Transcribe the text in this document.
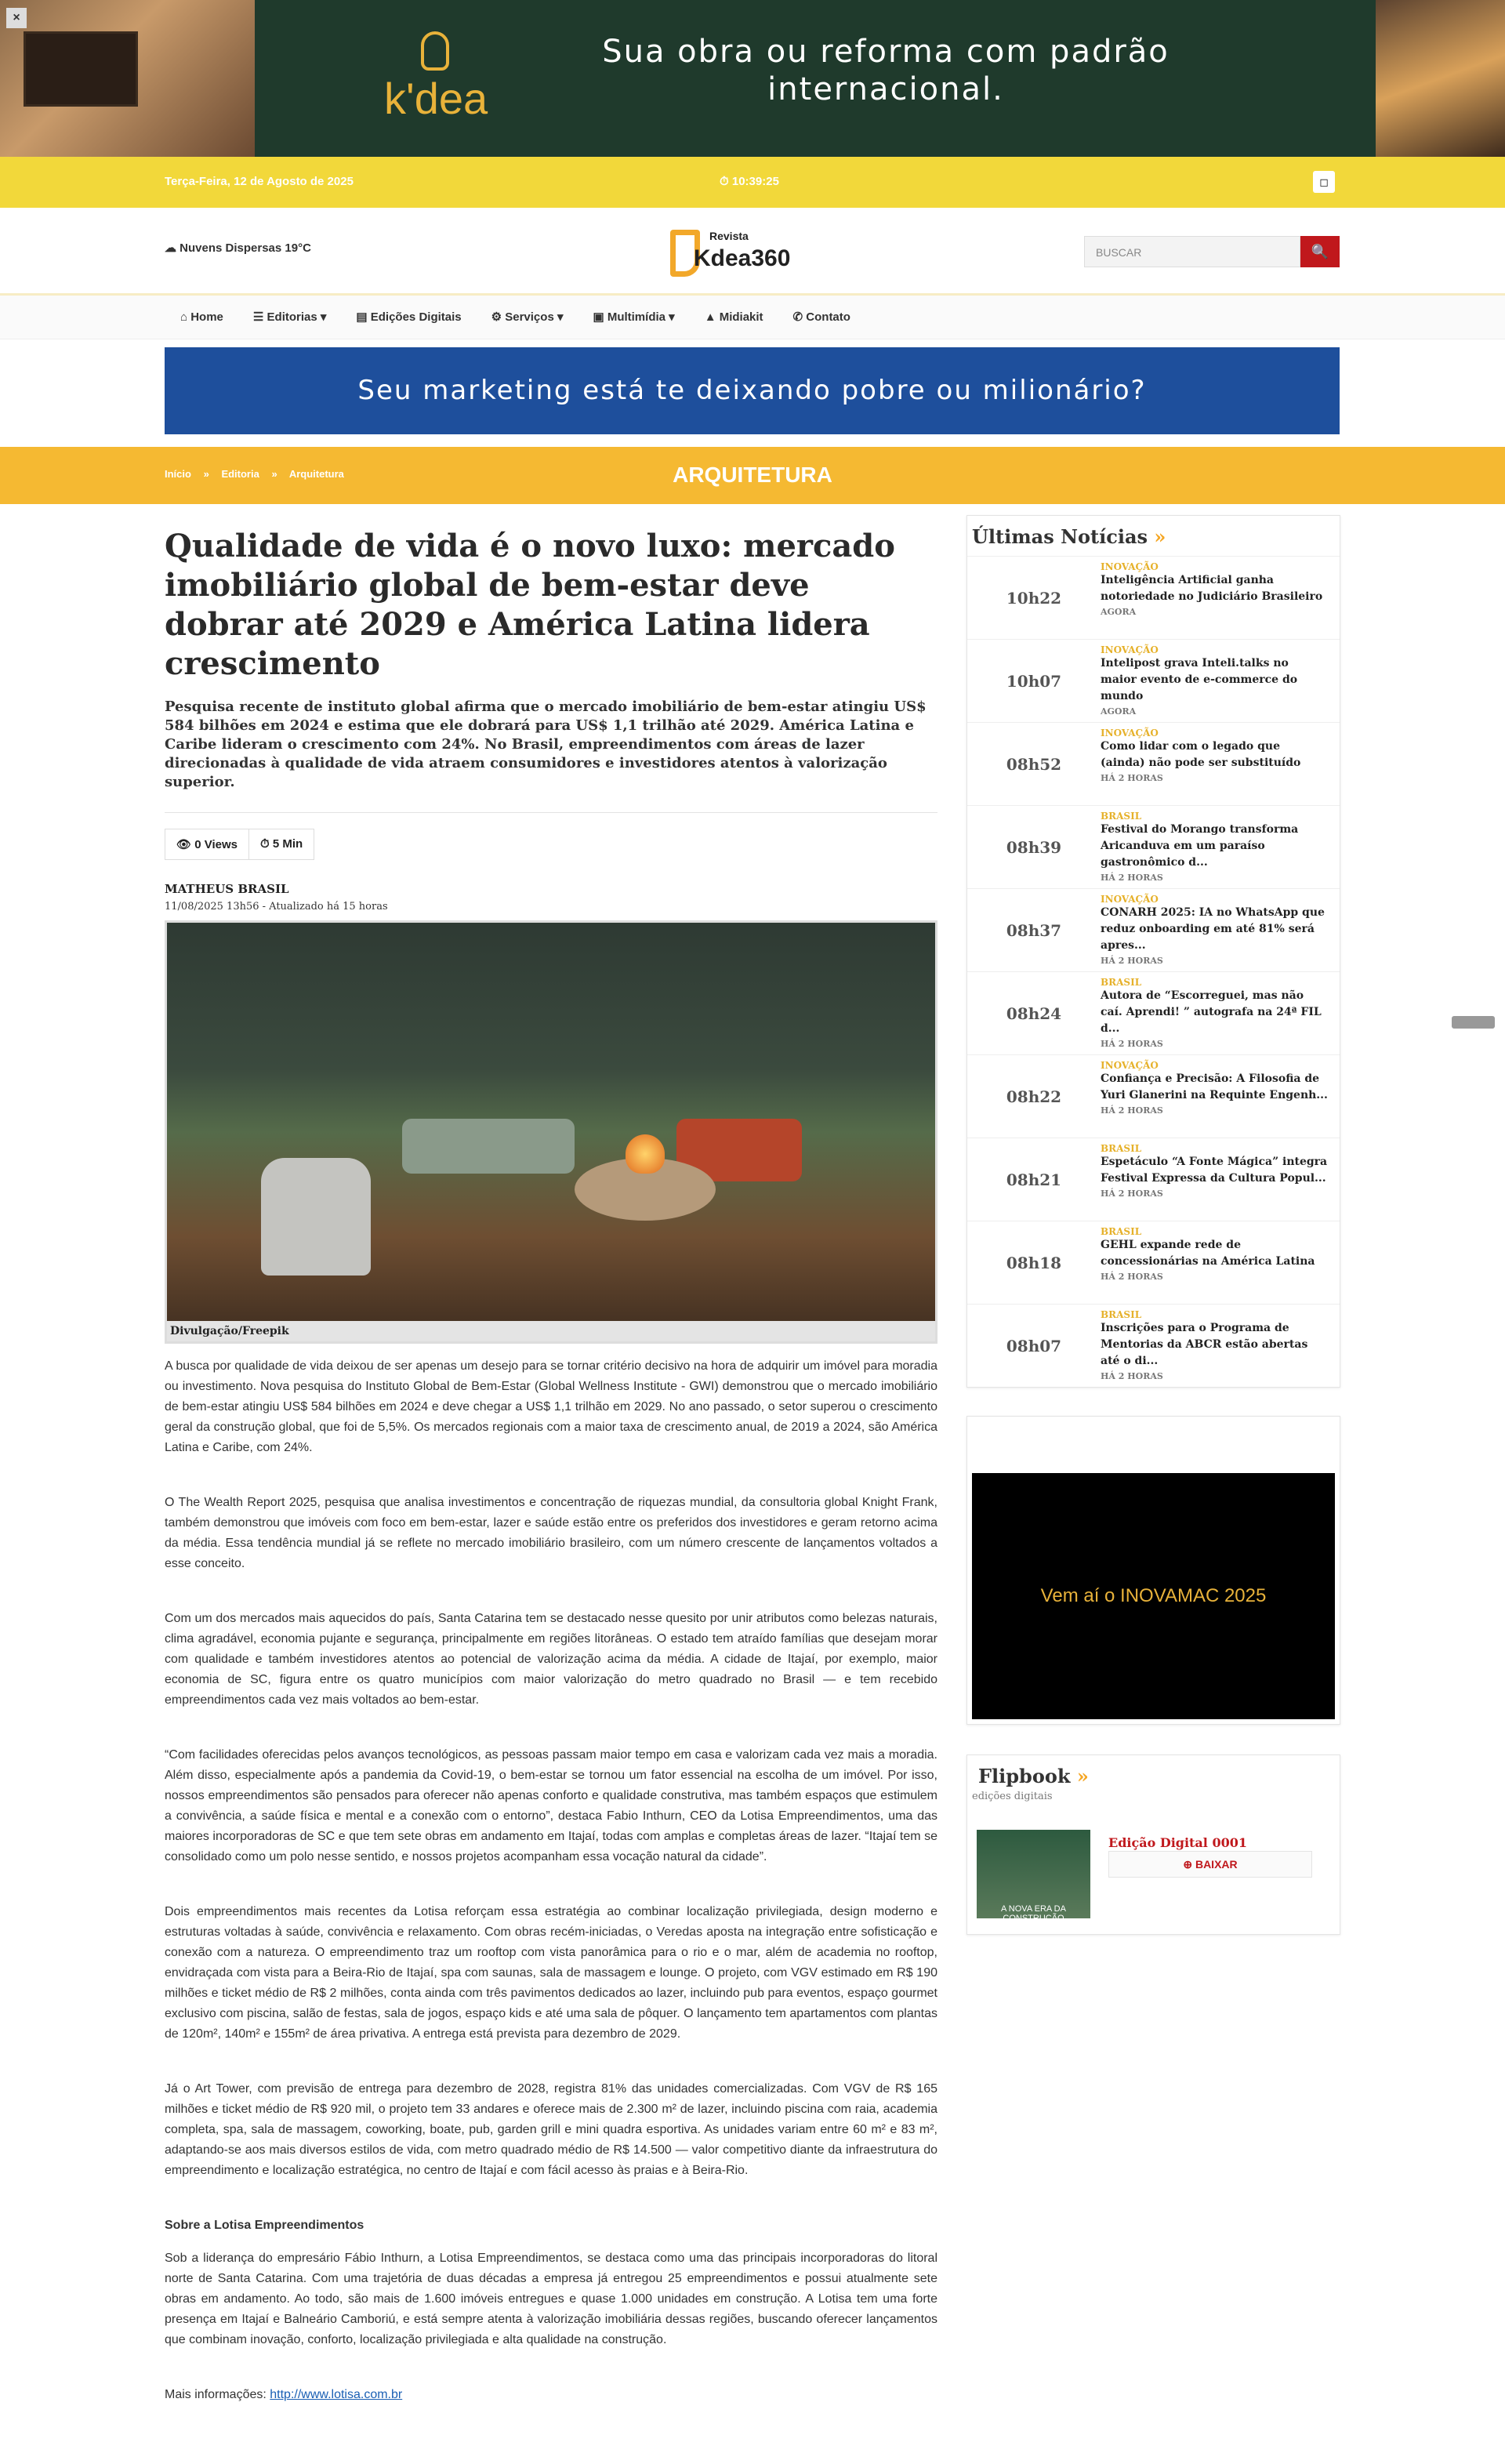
k'dea
Sua obra ou reforma com padrão internacional.
×
Terça-Feira, 12 de Agosto de 2025	⏱ 10:39:25	◻
☁ Nuvens Dispersas 19°C
Revista
Kdea360	BUSCAR	🔍
⌂ Home	☰ Editorias ▾	▤ Edições Digitais	⚙ Serviços ▾	▣ Multimídia ▾	▲ Midiakit	✆ Contato
Seu marketing está te deixando pobre ou milionário?
Início » Editoria » Arquitetura	ARQUITETURA
Qualidade de vida é o novo luxo: mercado imobiliário global de bem-estar deve dobrar até 2029 e América Latina lidera crescimento
Pesquisa recente de instituto global afirma que o mercado imobiliário de bem-estar atingiu US$ 584 bilhões em 2024 e estima que ele dobrará para US$ 1,1 trilhão até 2029. América Latina e Caribe lideram o crescimento com 24%. No Brasil, empreendimentos com áreas de lazer direcionadas à qualidade de vida atraem consumidores e investidores atentos à valorização superior.
👁 0 Views	⏱ 5 Min
MATHEUS BRASIL
11/08/2025 13h56 - Atualizado há 15 horas
Divulgação/Freepik

A busca por qualidade de vida deixou de ser apenas um desejo para se tornar critério decisivo na hora de adquirir um imóvel para moradia ou investimento. Nova pesquisa do Instituto Global de Bem-Estar (Global Wellness Institute - GWI) demonstrou que o mercado imobiliário de bem-estar atingiu US$ 584 bilhões em 2024 e deve chegar a US$ 1,1 trilhão em 2029. No ano passado, o setor superou o crescimento geral da construção global, que foi de 5,5%. Os mercados regionais com a maior taxa de crescimento anual, de 2019 a 2024, são América Latina e Caribe, com 24%.

O The Wealth Report 2025, pesquisa que analisa investimentos e concentração de riquezas mundial, da consultoria global Knight Frank, também demonstrou que imóveis com foco em bem-estar, lazer e saúde estão entre os preferidos dos investidores e geram retorno acima da média. Essa tendência mundial já se reflete no mercado imobiliário brasileiro, com um número crescente de lançamentos voltados a esse conceito.

Com um dos mercados mais aquecidos do país, Santa Catarina tem se destacado nesse quesito por unir atributos como belezas naturais, clima agradável, economia pujante e segurança, principalmente em regiões litorâneas. O estado tem atraído famílias que desejam morar com qualidade e também investidores atentos ao potencial de valorização acima da média. A cidade de Itajaí, por exemplo, maior economia de SC, figura entre os quatro municípios com maior valorização do metro quadrado no Brasil — e tem recebido empreendimentos cada vez mais voltados ao bem-estar.

“Com facilidades oferecidas pelos avanços tecnológicos, as pessoas passam maior tempo em casa e valorizam cada vez mais a moradia. Além disso, especialmente após a pandemia da Covid-19, o bem-estar se tornou um fator essencial na escolha de um imóvel. Por isso, nossos empreendimentos são pensados para oferecer não apenas conforto e qualidade construtiva, mas também espaços que estimulem a convivência, a saúde física e mental e a conexão com o entorno”, destaca Fabio Inthurn, CEO da Lotisa Empreendimentos, uma das maiores incorporadoras de SC e que tem sete obras em andamento em Itajaí, todas com amplas e completas áreas de lazer. “Itajaí tem se consolidado como um polo nesse sentido, e nossos projetos acompanham essa vocação natural da cidade”.

Dois empreendimentos mais recentes da Lotisa reforçam essa estratégia ao combinar localização privilegiada, design moderno e estruturas voltadas à saúde, convivência e relaxamento. Com obras recém-iniciadas, o Veredas aposta na integração entre sofisticação e conexão com a natureza. O empreendimento traz um rooftop com vista panorâmica para o rio e o mar, além de academia no rooftop, envidraçada com vista para a Beira-Rio de Itajaí, spa com saunas, sala de massagem e lounge. O projeto, com VGV estimado em R$ 190 milhões e ticket médio de R$ 2 milhões, conta ainda com três pavimentos dedicados ao lazer, incluindo pub para eventos, espaço gourmet exclusivo com piscina, salão de festas, sala de jogos, espaço kids e até uma sala de pôquer. O lançamento tem apartamentos com plantas de 120m², 140m² e 155m² de área privativa. A entrega está prevista para dezembro de 2029.

Já o Art Tower, com previsão de entrega para dezembro de 2028, registra 81% das unidades comercializadas. Com VGV de R$ 165 milhões e ticket médio de R$ 920 mil, o projeto tem 33 andares e oferece mais de 2.300 m² de lazer, incluindo piscina com raia, academia completa, spa, sala de massagem, coworking, boate, pub, garden grill e mini quadra esportiva. As unidades variam entre 60 m² e 83 m², adaptando-se aos mais diversos estilos de vida, com metro quadrado médio de R$ 14.500 — valor competitivo diante da infraestrutura do empreendimento e localização estratégica, no centro de Itajaí e com fácil acesso às praias e à Beira-Rio.

Sobre a Lotisa Empreendimentos

Sob a liderança do empresário Fábio Inthurn, a Lotisa Empreendimentos, se destaca como uma das principais incorporadoras do litoral norte de Santa Catarina. Com uma trajetória de duas décadas a empresa já entregou 25 empreendimentos e possui atualmente sete obras em andamento. Ao todo, são mais de 1.600 imóveis entregues e quase 1.000 unidades em construção. A Lotisa tem uma forte presença em Itajaí e Balneário Camboriú, e está sempre atenta à valorização imobiliária dessas regiões, buscando oferecer lançamentos que combinam inovação, conforto, localização privilegiada e alta qualidade na construção.

Mais informações: http://www.lotisa.com.br

Últimas Notícias »
10h22
INOVAÇÃO
Inteligência Artificial ganha notoriedade no Judiciário Brasileiro
AGORA
10h07
INOVAÇÃO
Intelipost grava Inteli.talks no maior evento de e-commerce do mundo
AGORA
08h52
INOVAÇÃO
Como lidar com o legado que (ainda) não pode ser substituído
HÁ 2 HORAS
08h39
BRASIL
Festival do Morango transforma Aricanduva em um paraíso gastronômico d...
HÁ 2 HORAS
08h37
INOVAÇÃO
CONARH 2025: IA no WhatsApp que reduz onboarding em até 81% será apres...
HÁ 2 HORAS
08h24
BRASIL
Autora de “Escorreguei, mas não caí. Aprendi! ” autografa na 24ª FIL d...
HÁ 2 HORAS
08h22
INOVAÇÃO
Confiança e Precisão: A Filosofia de Yuri Glanerini na Requinte Engenh...
HÁ 2 HORAS
08h21
BRASIL
Espetáculo “A Fonte Mágica” integra Festival Expressa da Cultura Popul...
HÁ 2 HORAS
08h18
BRASIL
GEHL expande rede de concessionárias na América Latina
HÁ 2 HORAS
08h07
BRASIL
Inscrições para o Programa de Mentorias da ABCR estão abertas até o di...
HÁ 2 HORAS
Vem aí o INOVAMAC 2025
Flipbook »
edições digitais
A NOVA ERA DA CONSTRUÇÃO
Edição Digital 0001
⊕ BAIXAR
